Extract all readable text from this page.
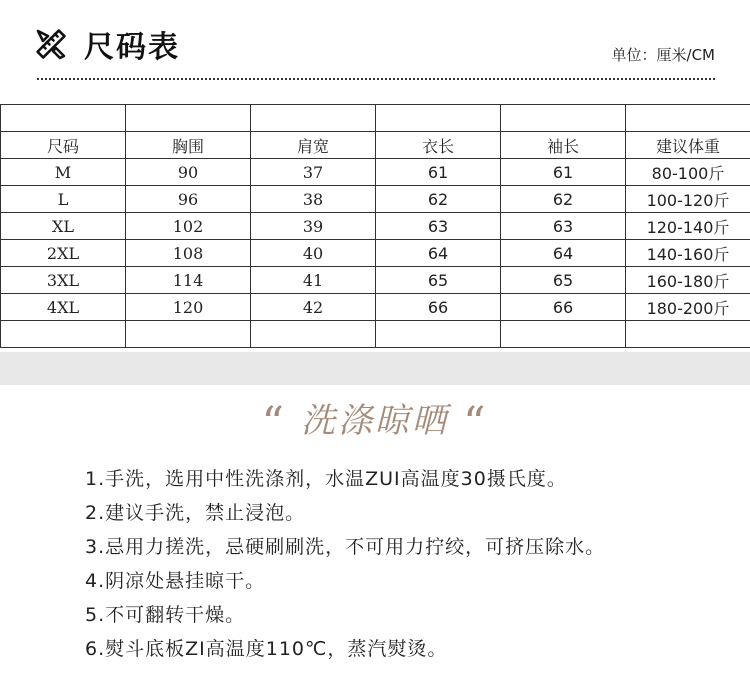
尺码表	单位：厘米/CM

尺码	胸围	肩宽	衣长	袖长	建议体重
M	90	37	61	61	80-100斤
L	96	38	62	62	100-120斤
XL	102	39	63	63	120-140斤
2XL	108	40	64	64	140-160斤
3XL	114	41	65	65	160-180斤
4XL	120	42	66	66	180-200斤

“ 洗涤晾晒 “
1.手洗，选用中性洗涤剂，水温ZUI高温度30摄氏度。
2.建议手洗，禁止浸泡。
3.忌用力搓洗，忌硬刷刷洗，不可用力拧绞，可挤压除水。
4.阴凉处悬挂晾干。
5.不可翻转干燥。
6.熨斗底板ZI高温度110℃，蒸汽熨烫。
